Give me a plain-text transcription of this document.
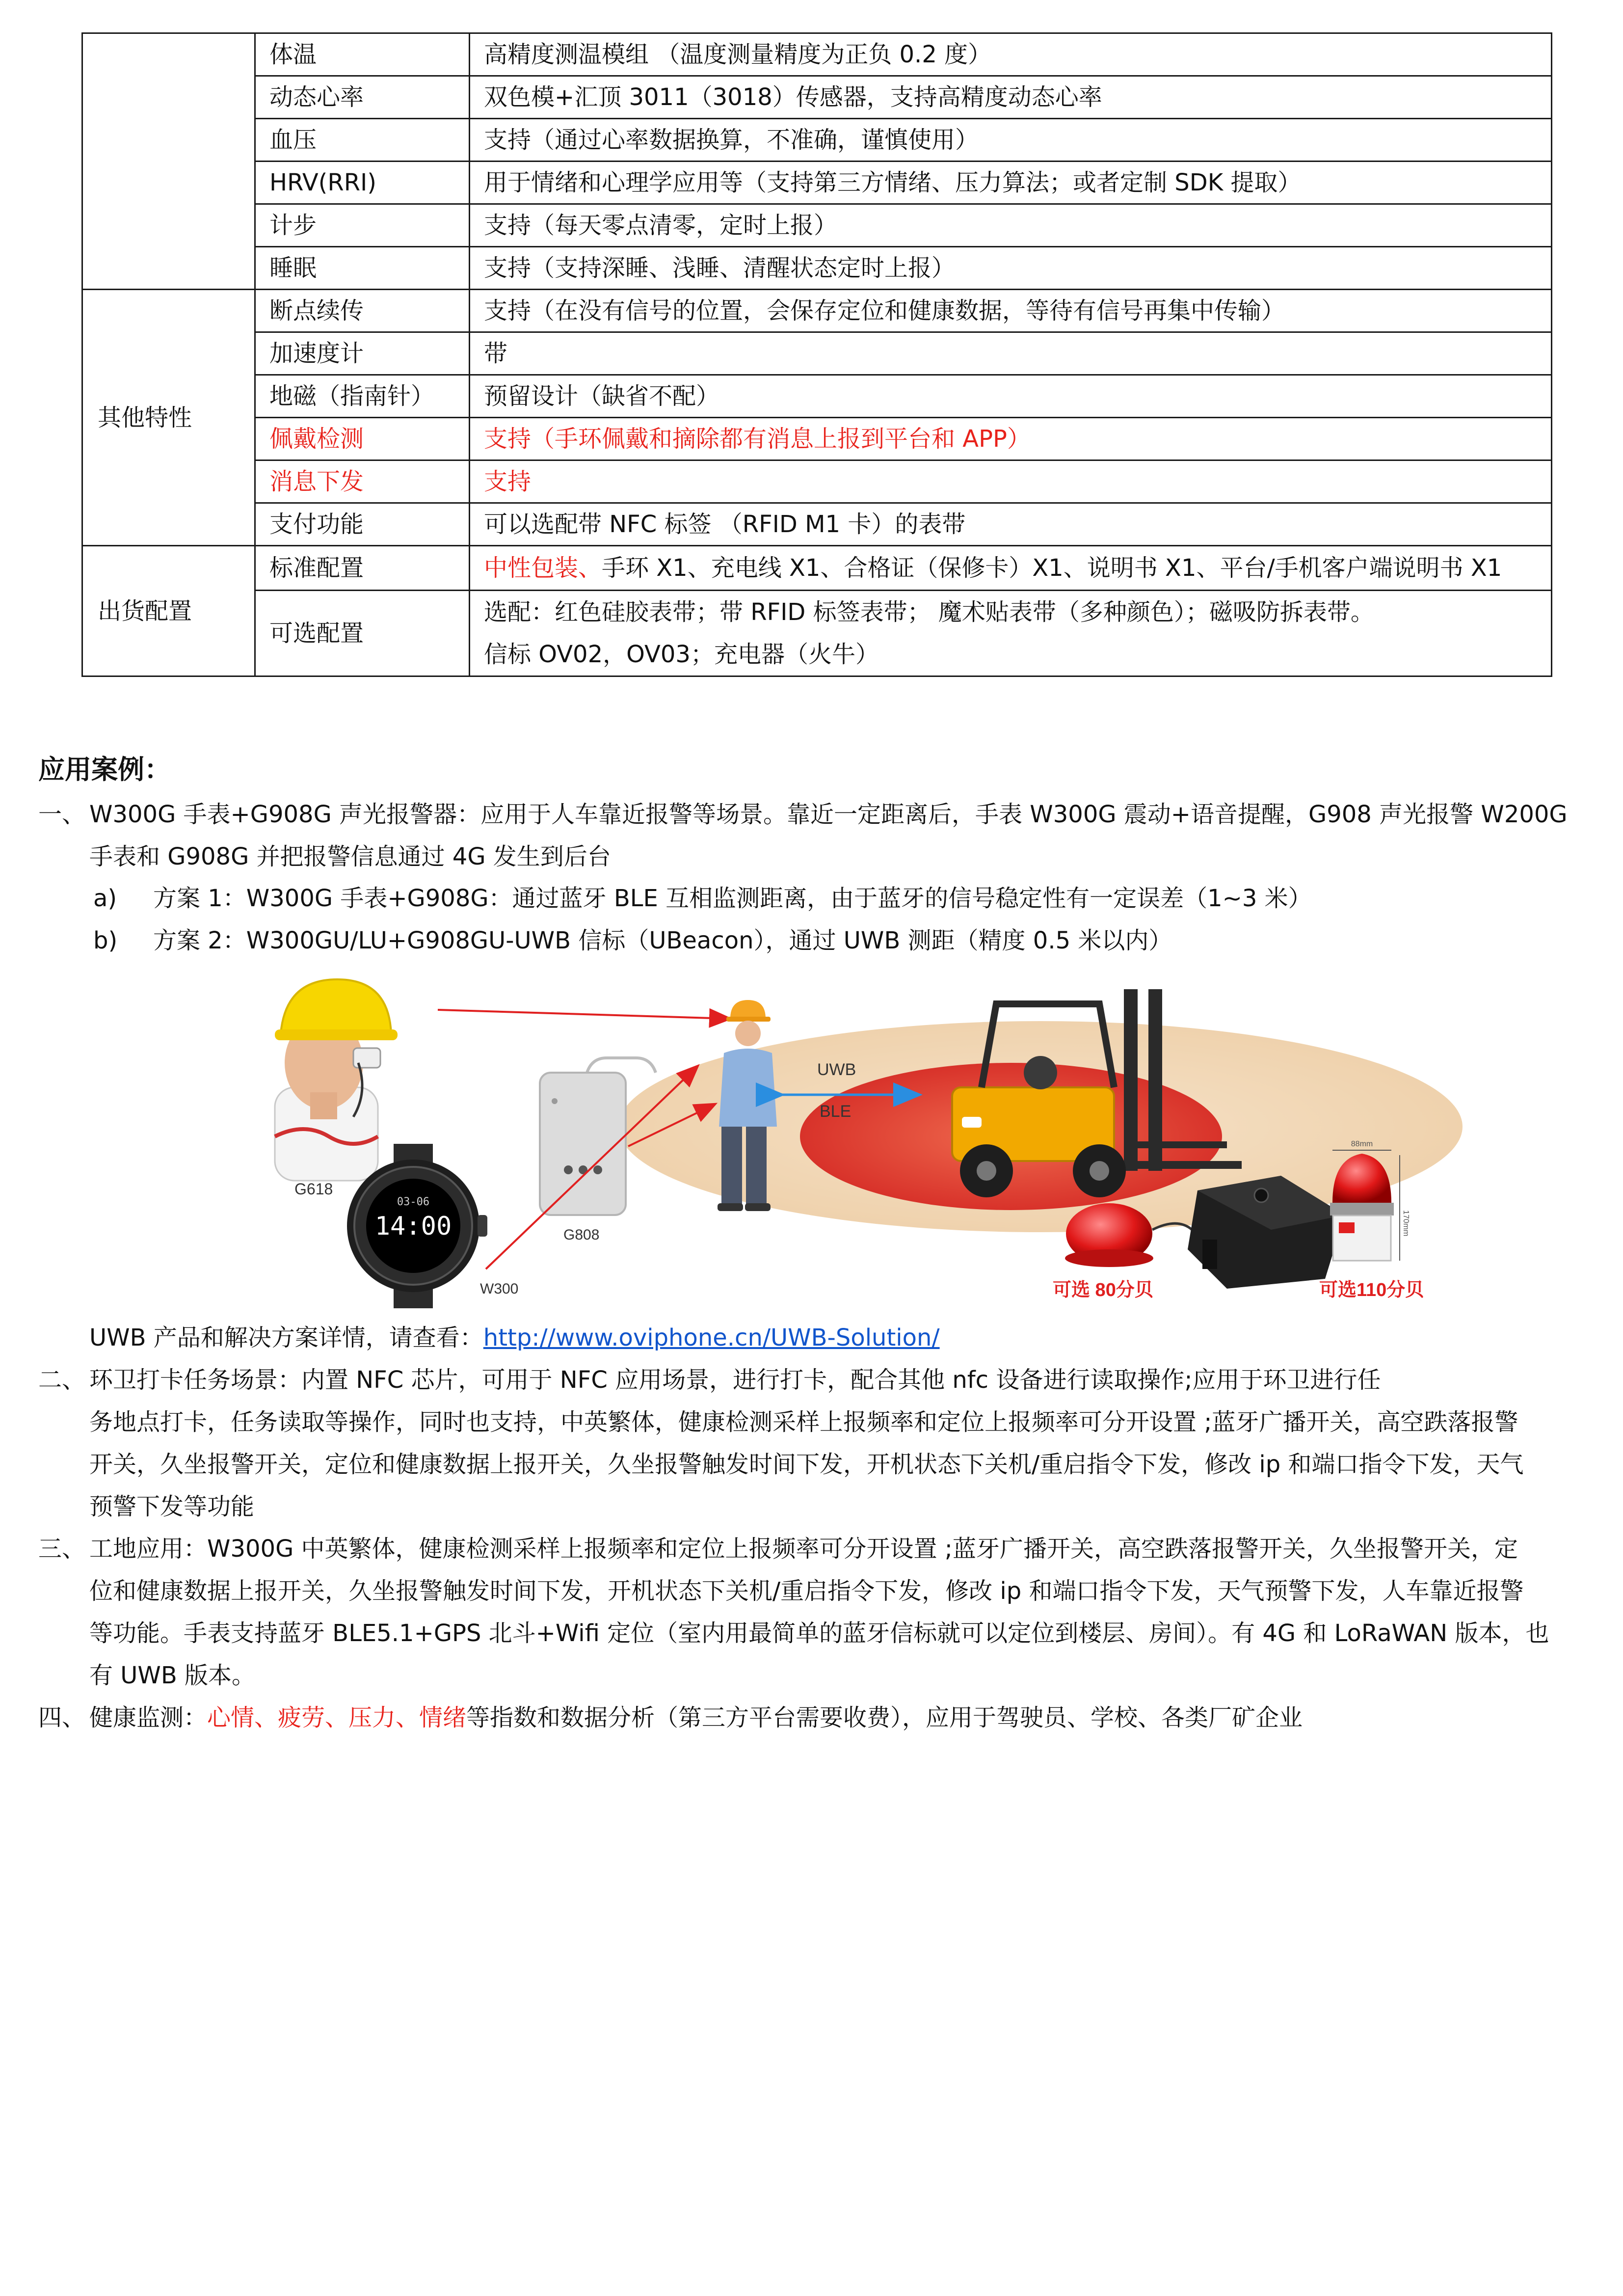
	体温	高精度测温模组 （温度测量精度为正负 0.2 度）
	动态心率	双色模+汇顶 3011（3018）传感器，支持高精度动态心率
	血压	支持（通过心率数据换算，不准确，谨慎使用）
	HRV(RRI)	用于情绪和心理学应用等（支持第三方情绪、压力算法；或者定制 SDK 提取）
	计步	支持（每天零点清零，定时上报）
	睡眠	支持（支持深睡、浅睡、清醒状态定时上报）
其他特性	断点续传	支持（在没有信号的位置，会保存定位和健康数据，等待有信号再集中传输）
	加速度计	带
	地磁（指南针）	预留设计（缺省不配）
	佩戴检测	支持（手环佩戴和摘除都有消息上报到平台和 APP）
	消息下发	支持
	支付功能	可以选配带 NFC 标签 （RFID M1 卡）的表带
出货配置	标准配置	中性包装、手环 X1、充电线 X1、合格证（保修卡）X1、说明书 X1、平台/手机客户端说明书 X1
	可选配置	选配：红色硅胶表带；带 RFID 标签表带； 魔术贴表带（多种颜色）；磁吸防拆表带。
信标 OV02，OV03；充电器（火牛）
应用案例：
一、 W300G 手表+G908G 声光报警器：应用于人车靠近报警等场景。靠近一定距离后，手表 W300G 震动+语音提醒，G908 声光报警 W200G
手表和 G908G 并把报警信息通过 4G 发生到后台
a) 方案 1：W300G 手表+G908G：通过蓝牙 BLE 互相监测距离，由于蓝牙的信号稳定性有一定误差（1~3 米）
b) 方案 2：W300GU/LU+G908GU-UWB 信标（UBeacon），通过 UWB 测距（精度 0.5 米以内）
G618
03-06
14:00
W300
G808
UWB
BLE
88mm
170mm
可选 80分贝	可选110分贝
UWB 产品和解决方案详情，请查看：http://www.oviphone.cn/UWB-Solution/
二、 环卫打卡任务场景：内置 NFC 芯片，可用于 NFC 应用场景，进行打卡，配合其他 nfc 设备进行读取操作;应用于环卫进行任
务地点打卡，任务读取等操作，同时也支持，中英繁体，健康检测采样上报频率和定位上报频率可分开设置 ;蓝牙广播开关，高空跌落报警
开关，久坐报警开关，定位和健康数据上报开关，久坐报警触发时间下发，开机状态下关机/重启指令下发，修改 ip 和端口指令下发，天气
预警下发等功能
三、 工地应用：W300G 中英繁体，健康检测采样上报频率和定位上报频率可分开设置 ;蓝牙广播开关，高空跌落报警开关，久坐报警开关，定
位和健康数据上报开关，久坐报警触发时间下发，开机状态下关机/重启指令下发，修改 ip 和端口指令下发，天气预警下发，人车靠近报警
等功能。手表支持蓝牙 BLE5.1+GPS 北斗+Wifi 定位（室内用最简单的蓝牙信标就可以定位到楼层、房间）。有 4G 和 LoRaWAN 版本，也
有 UWB 版本。
四、 健康监测：心情、疲劳、压力、情绪等指数和数据分析（第三方平台需要收费），应用于驾驶员、学校、各类厂矿企业
